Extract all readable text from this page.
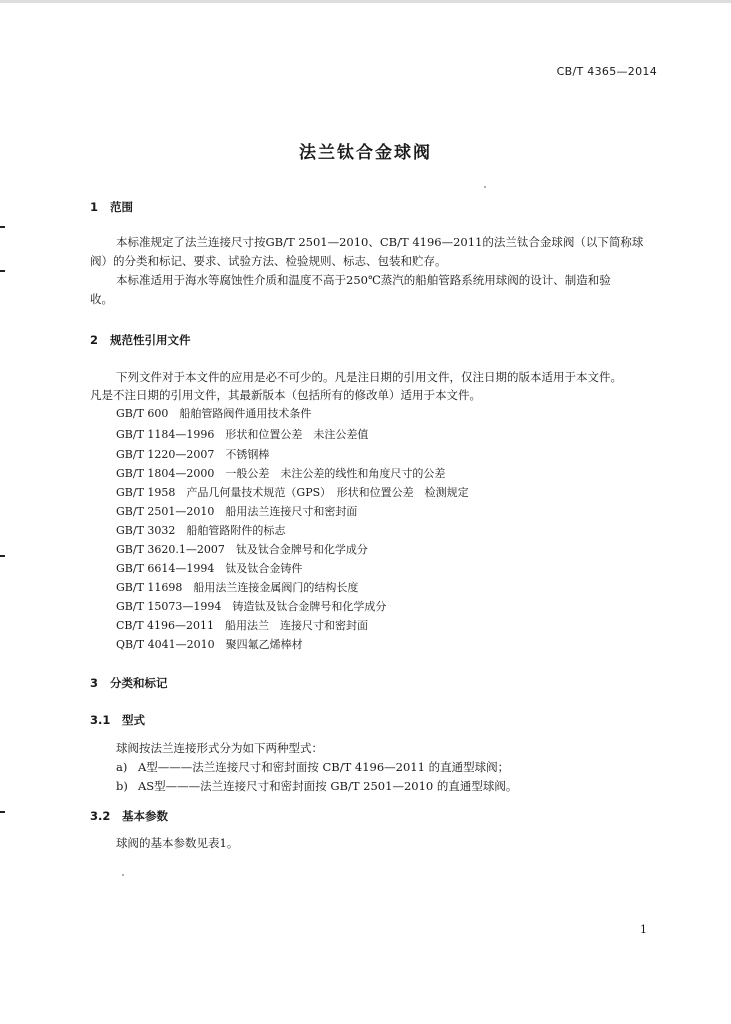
CB/T 4365—2014
法兰钛合金球阀
1 范围
本标准规定了法兰连接尺寸按GB/T 2501—2010、CB/T 4196—2011的法兰钛合金球阀（以下简称球
阀）的分类和标记、要求、试验方法、检验规则、标志、包装和贮存。
本标准适用于海水等腐蚀性介质和温度不高于250℃蒸汽的船舶管路系统用球阀的设计、制造和验
收。
2 规范性引用文件
下列文件对于本文件的应用是必不可少的。凡是注日期的引用文件，仅注日期的版本适用于本文件。
凡是不注日期的引用文件，其最新版本（包括所有的修改单）适用于本文件。
GB/T 600　船舶管路阀件通用技术条件
GB/T 1184—1996　形状和位置公差　未注公差值
GB/T 1220—2007　不锈钢棒
GB/T 1804—2000　一般公差　未注公差的线性和角度尺寸的公差
GB/T 1958　产品几何量技术规范（GPS）　形状和位置公差　检测规定
GB/T 2501—2010　船用法兰连接尺寸和密封面
GB/T 3032　船舶管路附件的标志
GB/T 3620.1—2007　钛及钛合金牌号和化学成分
GB/T 6614—1994　钛及钛合金铸件
GB/T 11698　船用法兰连接金属阀门的结构长度
GB/T 15073—1994　铸造钛及钛合金牌号和化学成分
CB/T 4196—2011　船用法兰　连接尺寸和密封面
QB/T 4041—2010　聚四氟乙烯棒材
3 分类和标记
3.1 型式
球阀按法兰连接形式分为如下两种型式：
a) A型———法兰连接尺寸和密封面按 CB/T 4196—2011 的直通型球阀；
b) AS型———法兰连接尺寸和密封面按 GB/T 2501—2010 的直通型球阀。
3.2 基本参数
球阀的基本参数见表1。
1
